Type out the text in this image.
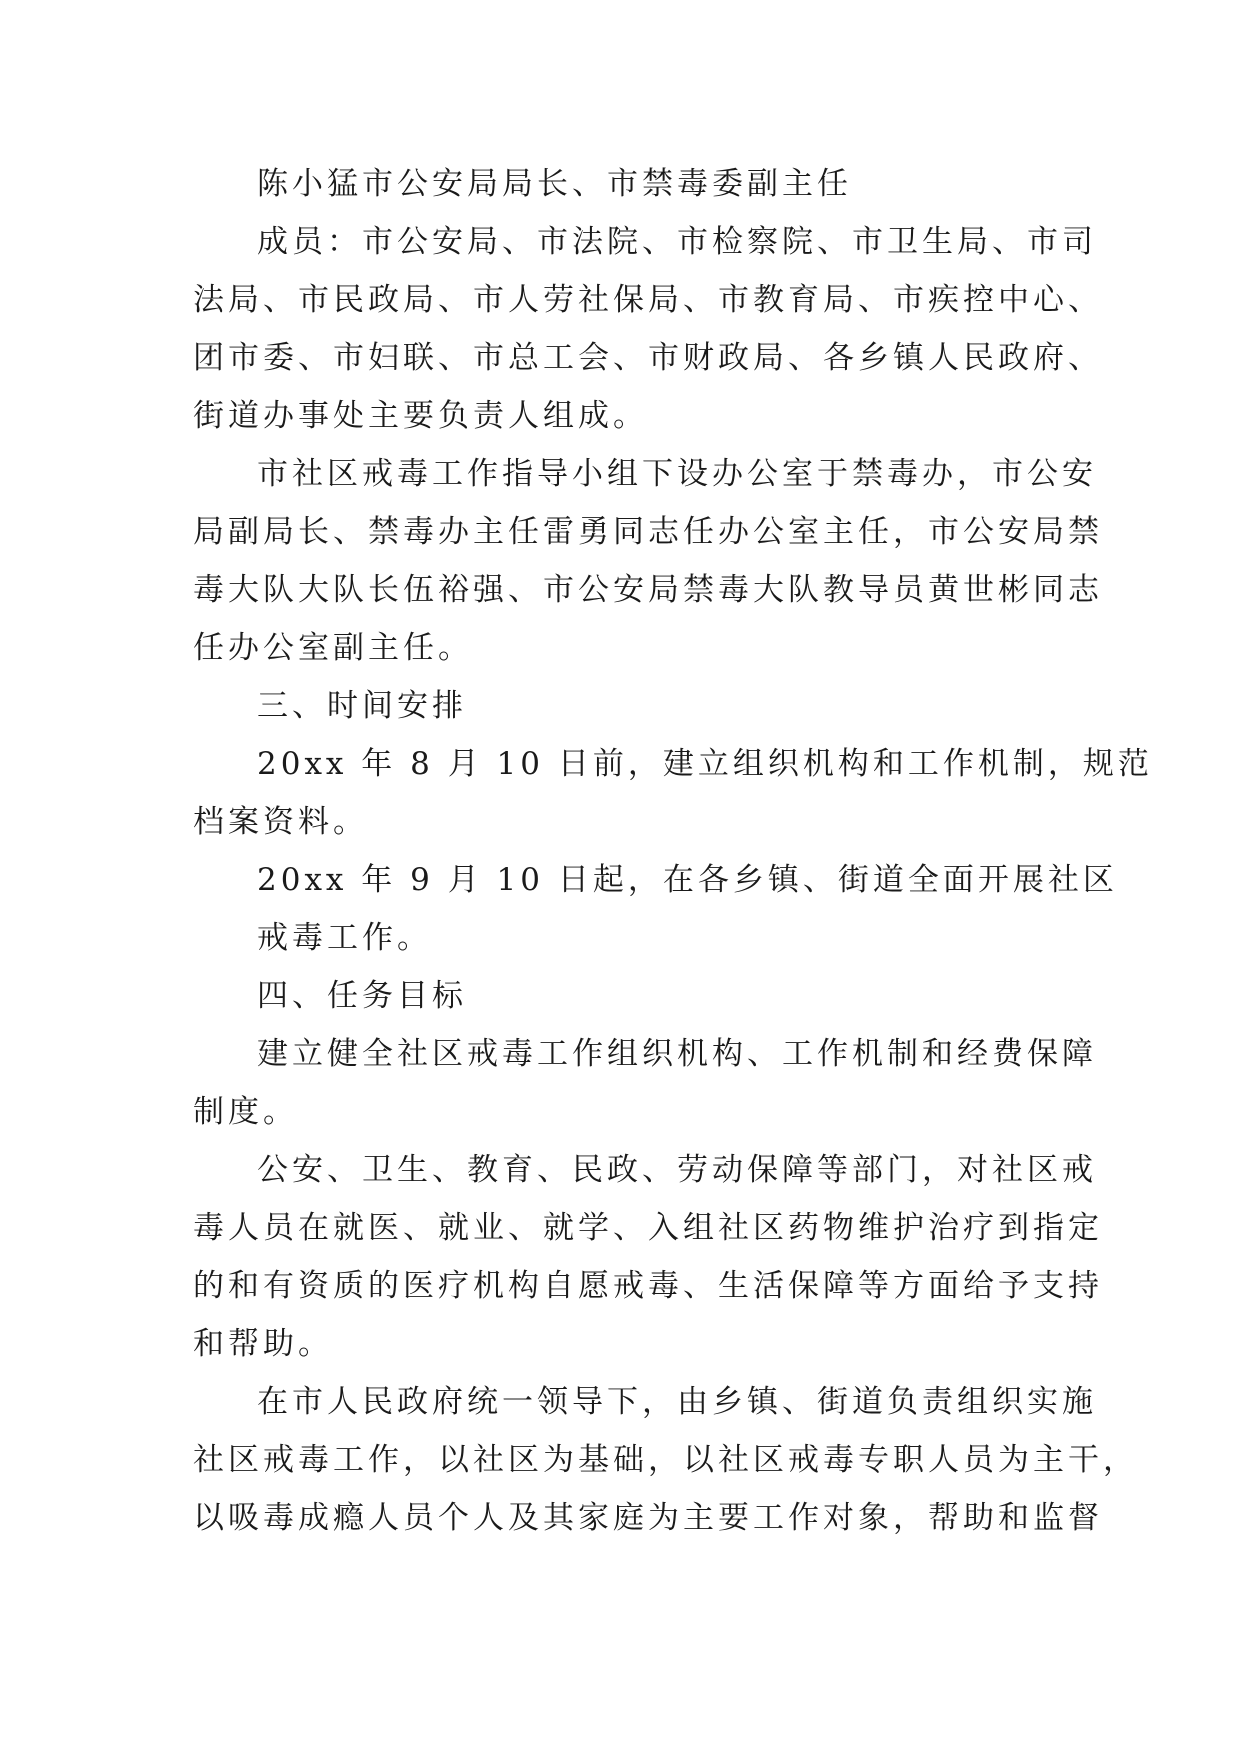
陈小猛市公安局局长、市禁毒委副主任
成员：市公安局、市法院、市检察院、市卫生局、市司
法局、市民政局、市人劳社保局、市教育局、市疾控中心、
团市委、市妇联、市总工会、市财政局、各乡镇人民政府、
街道办事处主要负责人组成。
市社区戒毒工作指导小组下设办公室于禁毒办，市公安
局副局长、禁毒办主任雷勇同志任办公室主任，市公安局禁
毒大队大队长伍裕强、市公安局禁毒大队教导员黄世彬同志
任办公室副主任。
三、时间安排
20xx 年 8 月 10 日前，建立组织机构和工作机制，规范
档案资料。
20xx 年 9 月 10 日起，在各乡镇、街道全面开展社区
戒毒工作。
四、任务目标
建立健全社区戒毒工作组织机构、工作机制和经费保障
制度。
公安、卫生、教育、民政、劳动保障等部门，对社区戒
毒人员在就医、就业、就学、入组社区药物维护治疗到指定
的和有资质的医疗机构自愿戒毒、生活保障等方面给予支持
和帮助。
在市人民政府统一领导下，由乡镇、街道负责组织实施
社区戒毒工作，以社区为基础，以社区戒毒专职人员为主干，
以吸毒成瘾人员个人及其家庭为主要工作对象，帮助和监督
